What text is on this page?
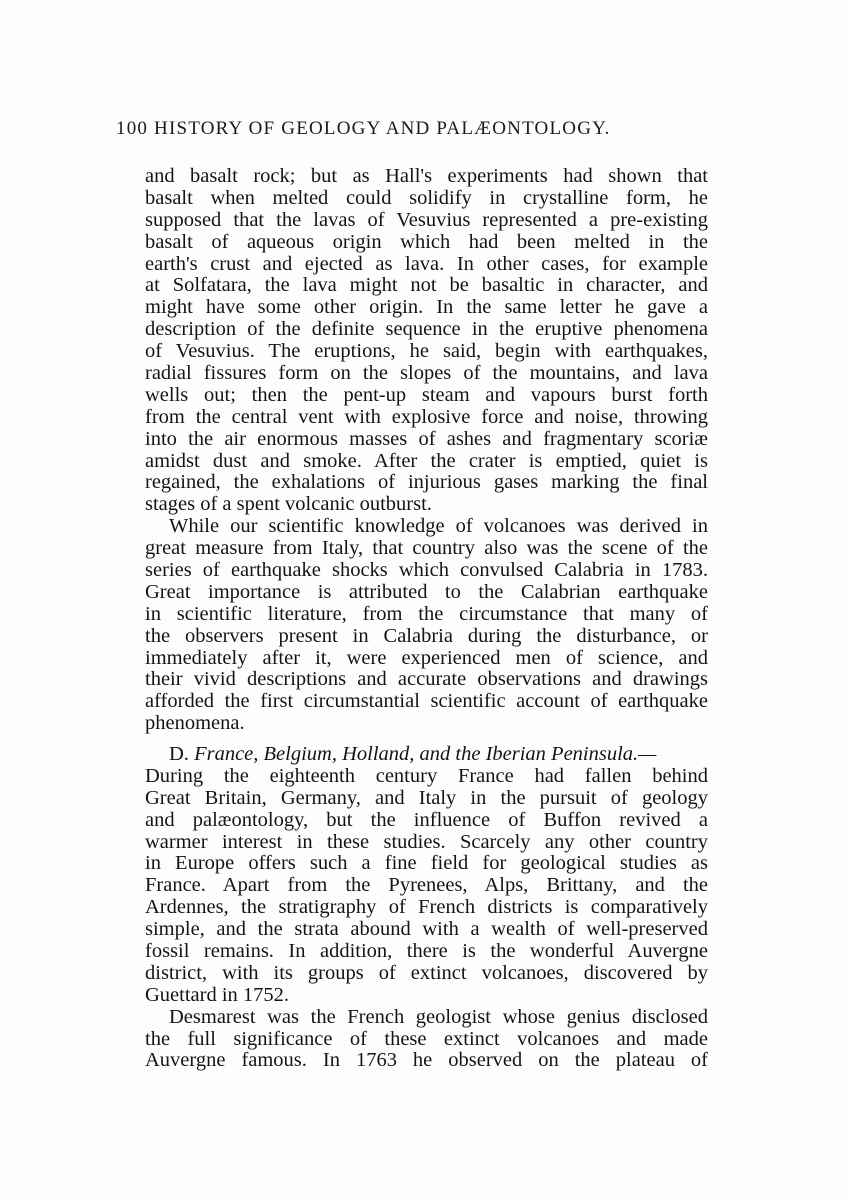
100 HISTORY OF GEOLOGY AND PALÆONTOLOGY.
and basalt rock; but as Hall's experiments had shown that
basalt when melted could solidify in crystalline form, he
supposed that the lavas of Vesuvius represented a pre-existing
basalt of aqueous origin which had been melted in the
earth's crust and ejected as lava. In other cases, for example
at Solfatara, the lava might not be basaltic in character, and
might have some other origin. In the same letter he gave a
description of the definite sequence in the eruptive phenomena
of Vesuvius. The eruptions, he said, begin with earthquakes,
radial fissures form on the slopes of the mountains, and lava
wells out; then the pent-up steam and vapours burst forth
from the central vent with explosive force and noise, throwing
into the air enormous masses of ashes and fragmentary scoriæ
amidst dust and smoke. After the crater is emptied, quiet is
regained, the exhalations of injurious gases marking the final
stages of a spent volcanic outburst.
While our scientific knowledge of volcanoes was derived in
great measure from Italy, that country also was the scene of the
series of earthquake shocks which convulsed Calabria in 1783.
Great importance is attributed to the Calabrian earthquake
in scientific literature, from the circumstance that many of
the observers present in Calabria during the disturbance, or
immediately after it, were experienced men of science, and
their vivid descriptions and accurate observations and drawings
afforded the first circumstantial scientific account of earthquake
phenomena.
D. France, Belgium, Holland, and the Iberian Peninsula.—
During the eighteenth century France had fallen behind
Great Britain, Germany, and Italy in the pursuit of geology
and palæontology, but the influence of Buffon revived a
warmer interest in these studies. Scarcely any other country
in Europe offers such a fine field for geological studies as
France. Apart from the Pyrenees, Alps, Brittany, and the
Ardennes, the stratigraphy of French districts is comparatively
simple, and the strata abound with a wealth of well-preserved
fossil remains. In addition, there is the wonderful Auvergne
district, with its groups of extinct volcanoes, discovered by
Guettard in 1752.
Desmarest was the French geologist whose genius disclosed
the full significance of these extinct volcanoes and made
Auvergne famous. In 1763 he observed on the plateau of
